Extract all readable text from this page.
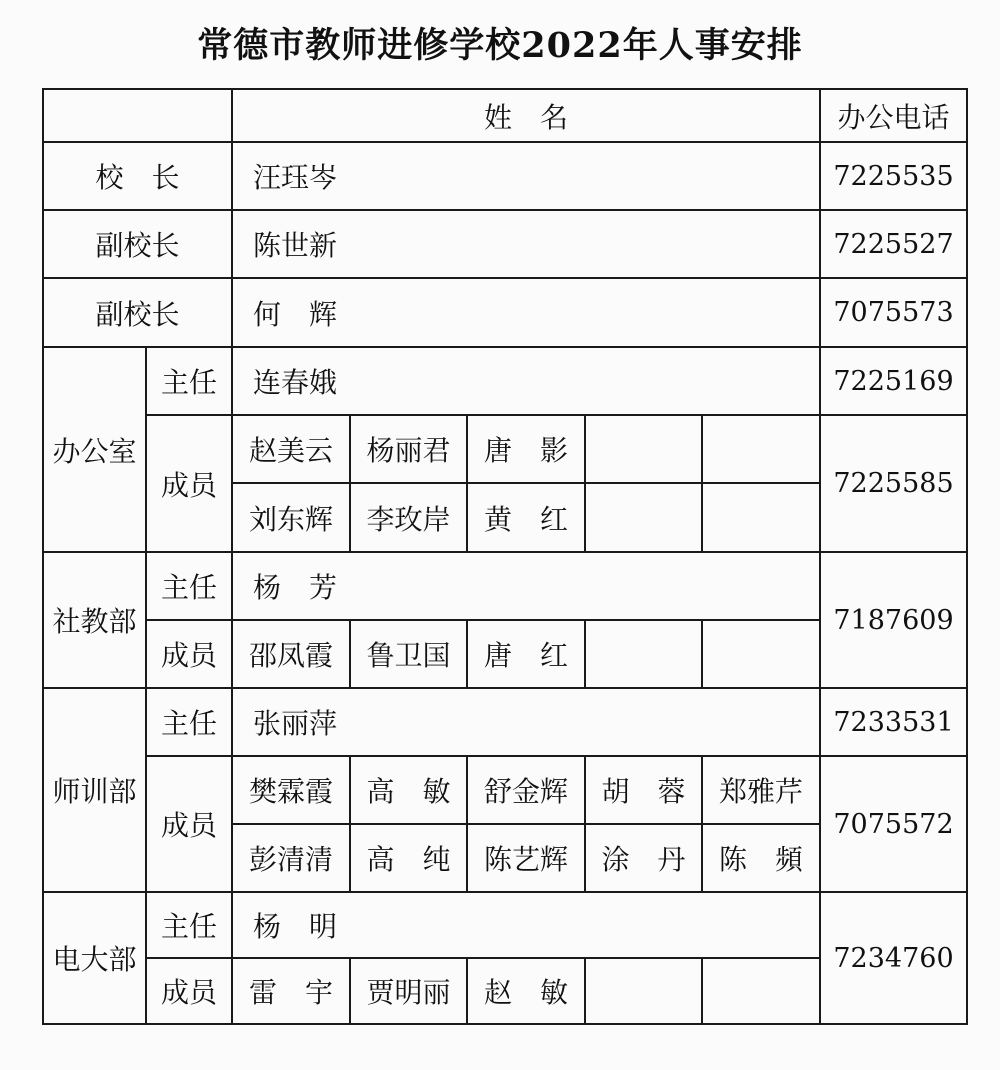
常德市教师进修学校2022年人事安排
		姓　名					办公电话
校　长		汪珏岑					7225535
副校长		陈世新					7225527
副校长		何　辉					7075573
办公室	主任	连春娥					7225169
	成员	赵美云	杨丽君	唐　影			7225585
		刘东辉	李玫岸	黄　红			
社教部	主任	杨　芳					7187609
	成员	邵凤霞	鲁卫国	唐　红			
师训部	主任	张丽萍					7233531
	成员	樊霖霞	高　敏	舒金辉	胡　蓉	郑雅芹	7075572
		彭清清	高　纯	陈艺辉	涂　丹	陈　頻	
电大部	主任	杨　明					7234760
	成员	雷　宇	贾明丽	赵　敏			
